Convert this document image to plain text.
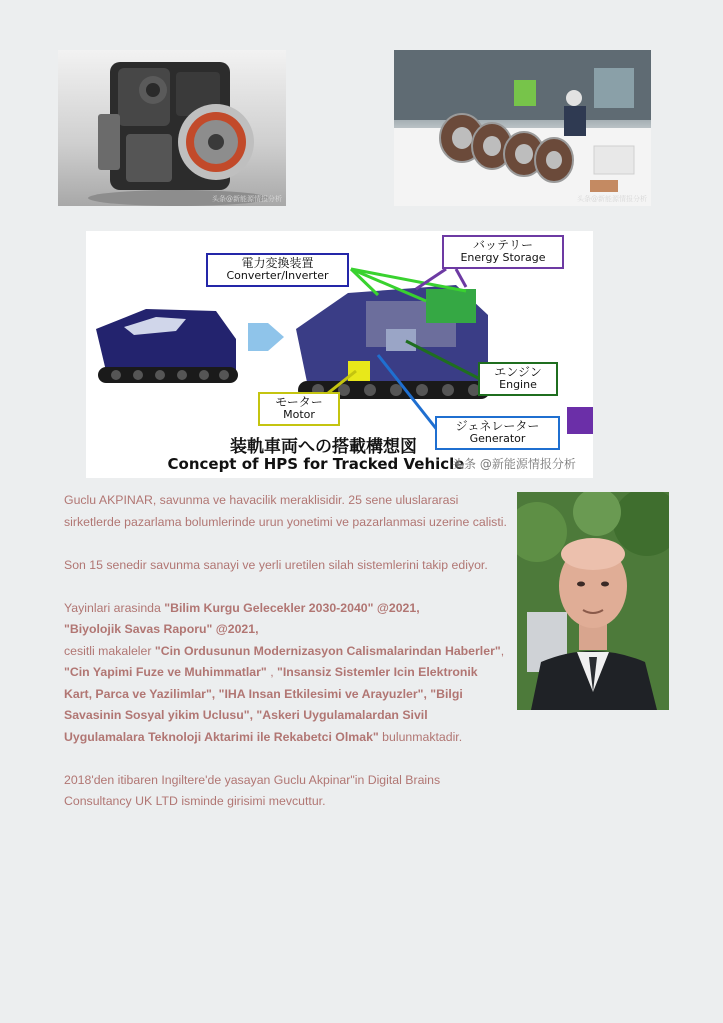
头条@新能源情报分析	头条@新能源情报分析
電力変換装置
Converter/Inverter
バッテリー
Energy Storage
エンジン
Engine
モーター
Motor
ジェネレーター
Generator
装軌車両への搭載構想図
Concept of HPS for Tracked Vehicle
头条 @新能源情报分析

Guclu AKPINAR, savunma ve havacilik meraklisidir. 25 sene uluslararasi sirketlerde pazarlama bolumlerinde urun yonetimi ve pazarlanmasi uzerine calisti.

Son 15 senedir savunma sanayi ve yerli uretilen silah sistemlerini takip ediyor.

Yayinlari arasinda "Bilim Kurgu Gelecekler 2030-2040" @2021,
"Biyolojik Savas Raporu" @2021,
cesitli makaleler "Cin Ordusunun Modernizasyon Calismalarindan Haberler", "Cin Yapimi Fuze ve Muhimmatlar" , "Insansiz Sistemler Icin Elektronik Kart, Parca ve Yazilimlar", "IHA Insan Etkilesimi ve Arayuzler", "Bilgi Savasinin Sosyal yikim Uclusu", "Askeri Uygulamalardan Sivil Uygulamalara Teknoloji Aktarimi ile Rekabetci Olmak" bulunmaktadir.

2018'den itibaren Ingiltere'de yasayan Guclu Akpinar"in Digital Brains Consultancy UK LTD isminde girisimi mevcuttur.
